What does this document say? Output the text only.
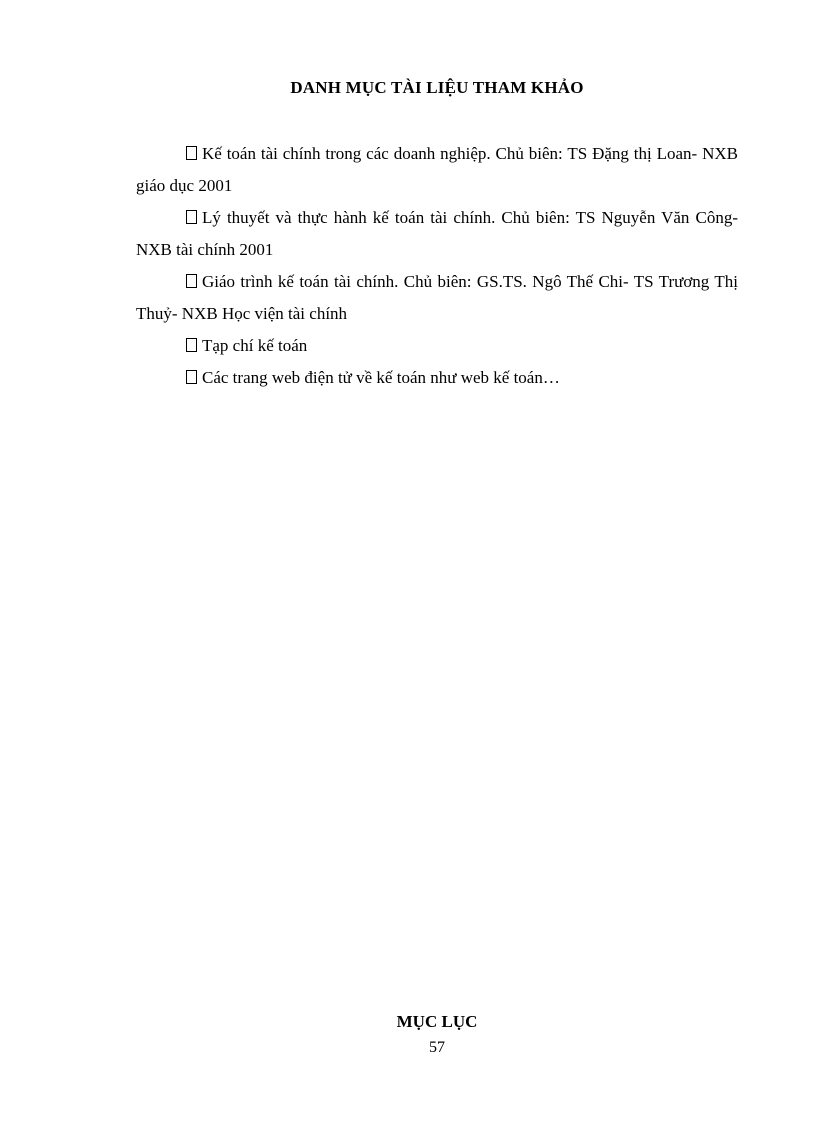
DANH MỤC TÀI LIỆU THAM KHẢO

Kế toán tài chính trong các doanh nghiệp. Chủ biên: TS Đặng thị Loan- NXB giáo dục 2001

Lý thuyết và thực hành kế toán tài chính. Chủ biên: TS Nguyễn Văn Công- NXB tài chính 2001

Giáo trình kế toán tài chính. Chủ biên: GS.TS. Ngô Thế Chi- TS Trương Thị Thuỷ- NXB Học viện tài chính

Tạp chí kế toán

Các trang web điện tử về kế toán như web kế toán…

MỤC LỤC
57
